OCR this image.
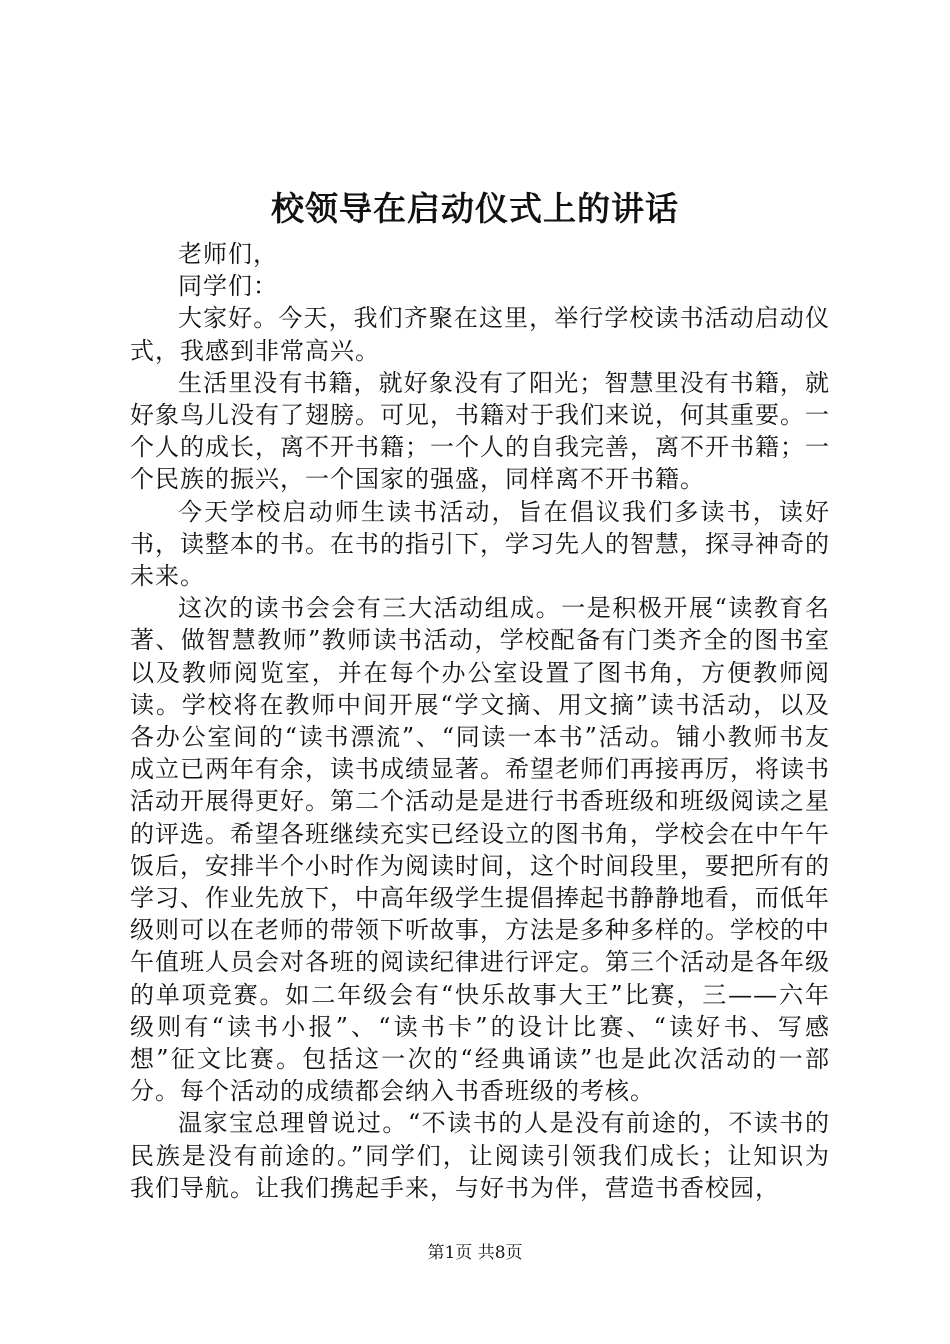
校领导在启动仪式上的讲话

老师们，

同学们：

大家好。今天，我们齐聚在这里，举行学校读书活动启动仪式，我感到非常高兴。

生活里没有书籍，就好象没有了阳光；智慧里没有书籍，就好象鸟儿没有了翅膀。可见，书籍对于我们来说，何其重要。一个人的成长，离不开书籍；一个人的自我完善，离不开书籍；一个民族的振兴，一个国家的强盛，同样离不开书籍。

今天学校启动师生读书活动，旨在倡议我们多读书，读好书，读整本的书。在书的指引下，学习先人的智慧，探寻神奇的未来。

这次的读书会会有三大活动组成。一是积极开展“读教育名著、做智慧教师”教师读书活动，学校配备有门类齐全的图书室以及教师阅览室，并在每个办公室设置了图书角，方便教师阅读。学校将在教师中间开展“学文摘、用文摘”读书活动，以及各办公室间的“读书漂流”、“同读一本书”活动。铺小教师书友成立已两年有余，读书成绩显著。希望老师们再接再厉，将读书活动开展得更好。第二个活动是是进行书香班级和班级阅读之星的评选。希望各班继续充实已经设立的图书角，学校会在中午午饭后，安排半个小时作为阅读时间，这个时间段里，要把所有的学习、作业先放下，中高年级学生提倡捧起书静静地看，而低年级则可以在老师的带领下听故事，方法是多种多样的。学校的中午值班人员会对各班的阅读纪律进行评定。第三个活动是各年级的单项竞赛。如二年级会有“快乐故事大王”比赛，三——六年级则有“读书小报”、“读书卡”的设计比赛、“读好书、写感想”征文比赛。包括这一次的“经典诵读”也是此次活动的一部分。每个活动的成绩都会纳入书香班级的考核。

温家宝总理曾说过。“不读书的人是没有前途的，不读书的民族是没有前途的。”同学们，让阅读引领我们成长；让知识为我们导航。让我们携起手来，与好书为伴，营造书香校园，

第1页 共8页
